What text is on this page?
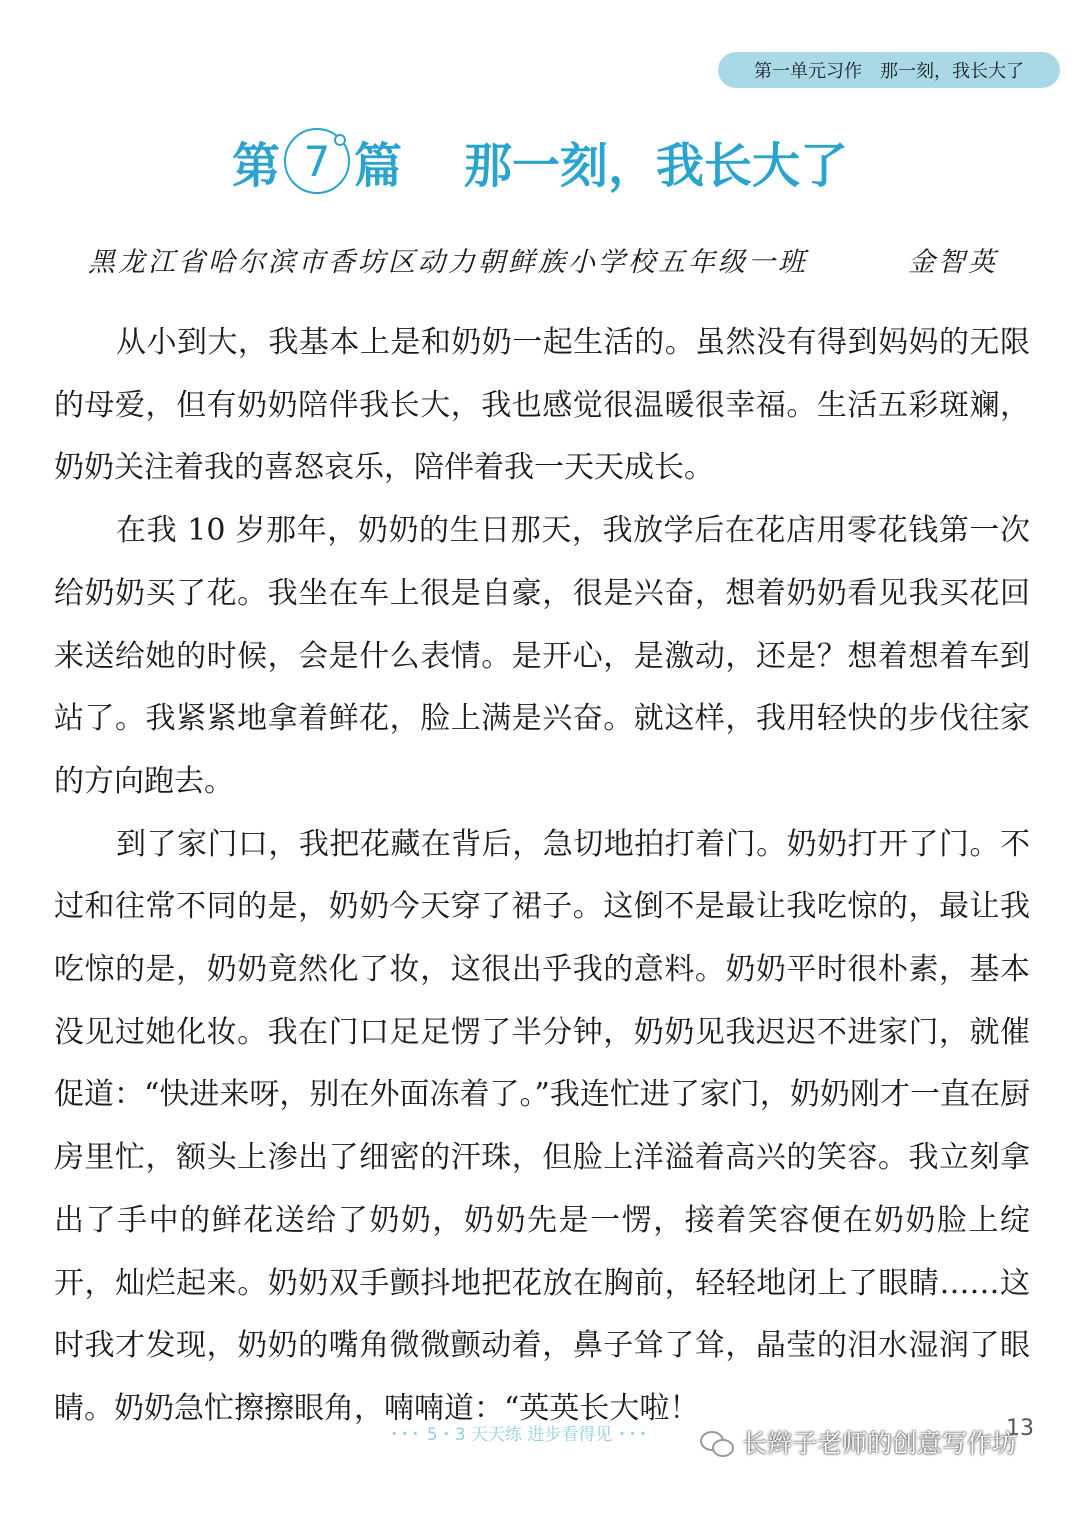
第一单元习作　那一刻，我长大了
第 7 篇 那一刻，我长大了
黑龙江省哈尔滨市香坊区动力朝鲜族小学校五年级一班	金智英

从小到大，我基本上是和奶奶一起生活的。虽然没有得到妈妈的无限的母爱，但有奶奶陪伴我长大，我也感觉很温暖很幸福。生活五彩斑斓，奶奶关注着我的喜怒哀乐，陪伴着我一天天成长。

在我 10 岁那年，奶奶的生日那天，我放学后在花店用零花钱第一次给奶奶买了花。我坐在车上很是自豪，很是兴奋，想着奶奶看见我买花回来送给她的时候，会是什么表情。是开心，是激动，还是？想着想着车到站了。我紧紧地拿着鲜花，脸上满是兴奋。就这样，我用轻快的步伐往家的方向跑去。

到了家门口，我把花藏在背后，急切地拍打着门。奶奶打开了门。不过和往常不同的是，奶奶今天穿了裙子。这倒不是最让我吃惊的，最让我吃惊的是，奶奶竟然化了妆，这很出乎我的意料。奶奶平时很朴素，基本没见过她化妆。我在门口足足愣了半分钟，奶奶见我迟迟不进家门，就催促道：“快进来呀，别在外面冻着了。”我连忙进了家门，奶奶刚才一直在厨房里忙，额头上渗出了细密的汗珠，但脸上洋溢着高兴的笑容。我立刻拿出了手中的鲜花送给了奶奶，奶奶先是一愣，接着笑容便在奶奶脸上绽开，灿烂起来。奶奶双手颤抖地把花放在胸前，轻轻地闭上了眼睛……这时我才发现，奶奶的嘴角微微颤动着，鼻子耸了耸，晶莹的泪水湿润了眼睛。奶奶急忙擦擦眼角，喃喃道：“英英长大啦！

･･･ 5・3 天天练 进步看得见 ･･･	13
长辫子老师的创意写作坊
